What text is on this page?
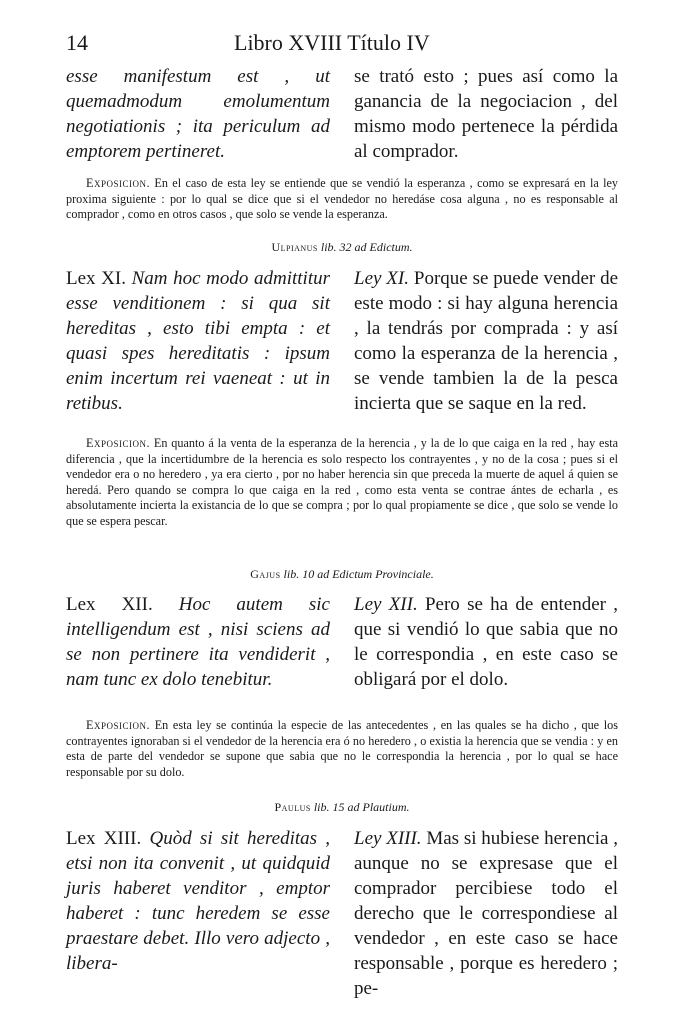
14	Libro XVIII Título IV
esse manifestum est , ut quemadmodum emolumentum negotiationis ; ita periculum ad emptorem pertineret.
se trató esto ; pues así como la ganancia de la negociacion , del mismo modo pertenece la pérdida al comprador.
Exposicion. En el caso de esta ley se entiende que se vendió la esperanza , como se expresará en la ley proxima siguiente : por lo qual se dice que si el vendedor no heredáse cosa alguna , no es responsable al comprador , como en otros casos , que solo se vende la esperanza.
Ulpianus lib. 32 ad Edictum.
Lex XI. Nam hoc modo admittitur esse venditionem : si qua sit hereditas , esto tibi empta : et quasi spes hereditatis : ipsum enim incertum rei vaeneat : ut in retibus.
Ley XI. Porque se puede vender de este modo : si hay alguna herencia , la tendrás por comprada : y así como la esperanza de la herencia , se vende tambien la de la pesca incierta que se saque en la red.
Exposicion. En quanto á la venta de la esperanza de la herencia , y la de lo que caiga en la red , hay esta diferencia , que la incertidumbre de la herencia es solo respecto los contrayentes , y no de la cosa ; pues si el vendedor era o no heredero , ya era cierto , por no haber herencia sin que preceda la muerte de aquel á quien se heredá. Pero quando se compra lo que caiga en la red , como esta venta se contrae ántes de echarla , es absolutamente incierta la existancia de lo que se compra ; por lo qual propiamente se dice , que solo se vende lo que se espera pescar.
Gajus lib. 10 ad Edictum Provinciale.
Lex XII. Hoc autem sic intelligendum est , nisi sciens ad se non pertinere ita vendiderit , nam tunc ex dolo tenebitur.
Ley XII. Pero se ha de entender , que si vendió lo que sabia que no le correspondia , en este caso se obligará por el dolo.
Exposicion. En esta ley se continúa la especie de las antecedentes , en las quales se ha dicho , que los contrayentes ignoraban si el vendedor de la herencia era ó no heredero , o existia la herencia que se vendia : y en esta de parte del vendedor se supone que sabia que no le correspondia la herencia , por lo qual se hace responsable por su dolo.
Paulus lib. 15 ad Plautium.
Lex XIII. Quòd si sit hereditas , etsi non ita convenit , ut quidquid juris haberet venditor , emptor haberet : tunc heredem se esse praestare debet. Illo vero adjecto , libera-
Ley XIII. Mas si hubiese herencia , aunque no se expresase que el comprador percibiese todo el derecho que le correspondiese al vendedor , en este caso se hace responsable , porque es heredero ; pe-
